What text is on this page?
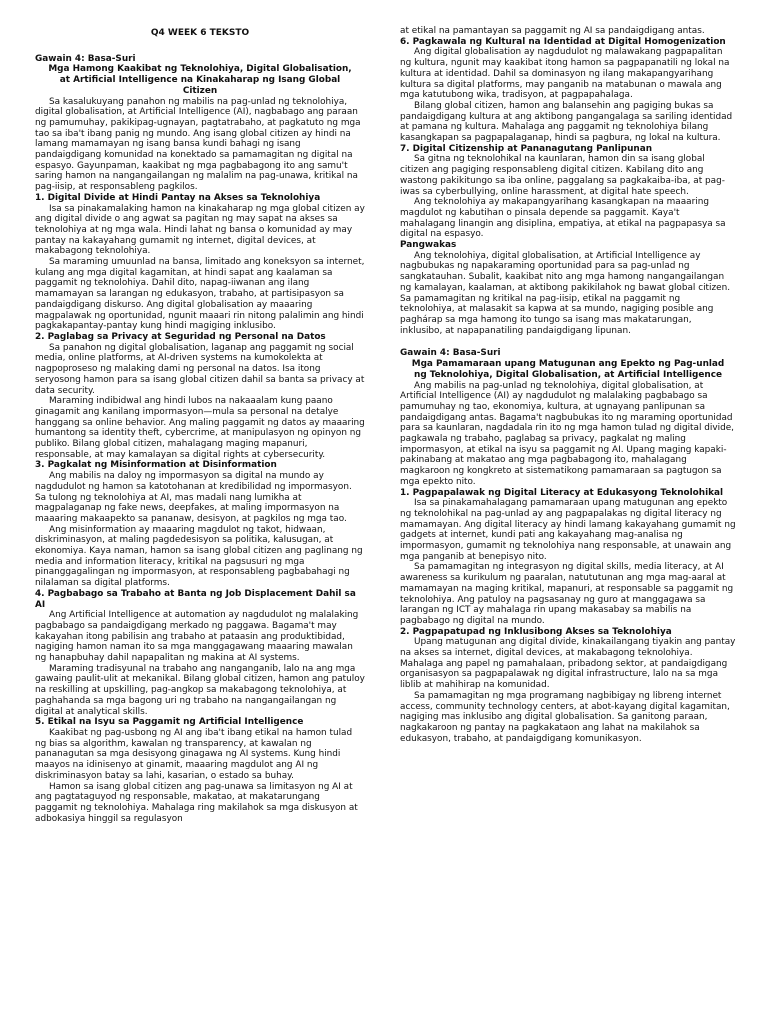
Q4 WEEK 6 TEKSTO
Gawain 4: Basa-Suri
Mga Hamong Kaakibat ng Teknolohiya, Digital Globalisation, at Artificial Intelligence na Kinakaharap ng Isang Global Citizen

Sa kasalukuyang panahon ng mabilis na pag-unlad ng teknolohiya, digital globalisation, at Artificial Intelligence (AI), nagbabago ang paraan ng pamumuhay, pakikipag-ugnayan, pagtatrabaho, at pagkatuto ng mga tao sa iba't ibang panig ng mundo. Ang isang global citizen ay hindi na lamang mamamayan ng isang bansa kundi bahagi ng isang pandaigdigang komunidad na konektado sa pamamagitan ng digital na espasyo. Gayunpaman, kaakibat ng mga pagbabagong ito ang samu't saring hamon na nangangailangan ng malalim na pag-unawa, kritikal na pag-iisip, at responsableng pagkilos.

1. Digital Divide at Hindi Pantay na Akses sa Teknolohiya

Isa sa pinakamalaking hamon na kinakaharap ng mga global citizen ay ang digital divide o ang agwat sa pagitan ng may sapat na akses sa teknolohiya at ng mga wala. Hindi lahat ng bansa o komunidad ay may pantay na kakayahang gumamit ng internet, digital devices, at makabagong teknolohiya.

Sa maraming umuunlad na bansa, limitado ang koneksyon sa internet, kulang ang mga digital kagamitan, at hindi sapat ang kaalaman sa paggamit ng teknolohiya. Dahil dito, napag-iiwanan ang ilang mamamayan sa larangan ng edukasyon, trabaho, at partisipasyon sa pandaigdigang diskurso. Ang digital globalisation ay maaaring magpalawak ng oportunidad, ngunit maaari rin nitong palalimin ang hindi pagkakapantay-pantay kung hindi magiging inklusibo.

2. Paglabag sa Privacy at Seguridad ng Personal na Datos

Sa panahon ng digital globalisation, laganap ang paggamit ng social media, online platforms, at AI-driven systems na kumokolekta at nagpoproseso ng malaking dami ng personal na datos. Isa itong seryosong hamon para sa isang global citizen dahil sa banta sa privacy at data security.

Maraming indibidwal ang hindi lubos na nakaaalam kung paano ginagamit ang kanilang impormasyon—mula sa personal na detalye hanggang sa online behavior. Ang maling paggamit ng datos ay maaaring humantong sa identity theft, cybercrime, at manipulasyon ng opinyon ng publiko. Bilang global citizen, mahalagang maging mapanuri, responsable, at may kamalayan sa digital rights at cybersecurity.

3. Pagkalat ng Misinformation at Disinformation

Ang mabilis na daloy ng impormasyon sa digital na mundo ay nagdudulot ng hamon sa katotohanan at kredibilidad ng impormasyon. Sa tulong ng teknolohiya at AI, mas madali nang lumikha at magpalaganap ng fake news, deepfakes, at maling impormasyon na maaaring makaapekto sa pananaw, desisyon, at pagkilos ng mga tao.

Ang misinformation ay maaaring magdulot ng takot, hidwaan, diskriminasyon, at maling pagdedesisyon sa politika, kalusugan, at ekonomiya. Kaya naman, hamon sa isang global citizen ang paglinang ng media and information literacy, kritikal na pagsusuri ng mga pinanggagalingan ng impormasyon, at responsableng pagbabahagi ng nilalaman sa digital platforms.

4. Pagbabago sa Trabaho at Banta ng Job Displacement Dahil sa AI

Ang Artificial Intelligence at automation ay nagdudulot ng malalaking pagbabago sa pandaigdigang merkado ng paggawa. Bagama't may kakayahan itong pabilisin ang trabaho at pataasin ang produktibidad, nagiging hamon naman ito sa mga manggagawang maaaring mawalan ng hanapbuhay dahil napapalitan ng makina at AI systems.

Maraming tradisyunal na trabaho ang nanganganib, lalo na ang mga gawaing paulit-ulit at mekanikal. Bilang global citizen, hamon ang patuloy na reskilling at upskilling, pag-angkop sa makabagong teknolohiya, at paghahanda sa mga bagong uri ng trabaho na nangangailangan ng digital at analytical skills.

5. Etikal na Isyu sa Paggamit ng Artificial Intelligence

Kaakibat ng pag-usbong ng AI ang iba't ibang etikal na hamon tulad ng bias sa algorithm, kawalan ng transparency, at kawalan ng pananagutan sa mga desisyong ginagawa ng AI systems. Kung hindi maayos na idinisenyo at ginamit, maaaring magdulot ang AI ng diskriminasyon batay sa lahi, kasarian, o estado sa buhay.

Hamon sa isang global citizen ang pag-unawa sa limitasyon ng AI at ang pagtataguyod ng responsable, makatao, at makatarungang paggamit ng teknolohiya. Mahalaga ring makilahok sa mga diskusyon at adbokasiya hinggil sa regulasyon

at etikal na pamantayan sa paggamit ng AI sa pandaigdigang antas.

6. Pagkawala ng Kultural na Identidad at Digital Homogenization

Ang digital globalisation ay nagdudulot ng malawakang pagpapalitan ng kultura, ngunit may kaakibat itong hamon sa pagpapanatili ng lokal na kultura at identidad. Dahil sa dominasyon ng ilang makapangyarihang kultura sa digital platforms, may panganib na matabunan o mawala ang mga katutubong wika, tradisyon, at pagpapahalaga.

Bilang global citizen, hamon ang balansehin ang pagiging bukas sa pandaigdigang kultura at ang aktibong pangangalaga sa sariling identidad at pamana ng kultura. Mahalaga ang paggamit ng teknolohiya bilang kasangkapan sa pagpapalaganap, hindi sa pagbura, ng lokal na kultura.

7. Digital Citizenship at Pananagutang Panlipunan

Sa gitna ng teknolohikal na kaunlaran, hamon din sa isang global citizen ang pagiging responsableng digital citizen. Kabilang dito ang wastong pakikitungo sa iba online, paggalang sa pagkakaiba-iba, at pag-iwas sa cyberbullying, online harassment, at digital hate speech.

Ang teknolohiya ay makapangyarihang kasangkapan na maaaring magdulot ng kabutihan o pinsala depende sa paggamit. Kaya't mahalagang linangin ang disiplina, empatiya, at etikal na pagpapasya sa digital na espasyo.

Pangwakas

Ang teknolohiya, digital globalisation, at Artificial Intelligence ay nagbubukas ng napakaraming oportunidad para sa pag-unlad ng sangkatauhan. Subalit, kaakibat nito ang mga hamong nangangailangan ng kamalayan, kaalaman, at aktibong pakikilahok ng bawat global citizen. Sa pamamagitan ng kritikal na pag-iisip, etikal na paggamit ng teknolohiya, at malasakit sa kapwa at sa mundo, nagiging posible ang paghárap sa mga hamong ito tungo sa isang mas makatarungan, inklusibo, at napapanatiling pandaigdigang lipunan.

Gawain 4: Basa-Suri
Mga Pamamaraan upang Matugunan ang Epekto ng Pag-unlad ng Teknolohiya, Digital Globalisation, at Artificial Intelligence

Ang mabilis na pag-unlad ng teknolohiya, digital globalisation, at Artificial Intelligence (AI) ay nagdudulot ng malalaking pagbabago sa pamumuhay ng tao, ekonomiya, kultura, at ugnayang panlipunan sa pandaigdigang antas. Bagama't nagbubukas ito ng maraming oportunidad para sa kaunlaran, nagdadala rin ito ng mga hamon tulad ng digital divide, pagkawala ng trabaho, paglabag sa privacy, pagkalat ng maling impormasyon, at etikal na isyu sa paggamit ng AI. Upang maging kapaki-pakinabang at makatao ang mga pagbabagong ito, mahalagang magkaroon ng kongkreto at sistematikong pamamaraan sa pagtugon sa mga epekto nito.

1. Pagpapalawak ng Digital Literacy at Edukasyong Teknolohikal

Isa sa pinakamahalagang pamamaraan upang matugunan ang epekto ng teknolohikal na pag-unlad ay ang pagpapalakas ng digital literacy ng mamamayan. Ang digital literacy ay hindi lamang kakayahang gumamit ng gadgets at internet, kundi pati ang kakayahang mag-analisa ng impormasyon, gumamit ng teknolohiya nang responsable, at unawain ang mga panganib at benepisyo nito.

Sa pamamagitan ng integrasyon ng digital skills, media literacy, at AI awareness sa kurikulum ng paaralan, natututunan ang mga mag-aaral at mamamayan na maging kritikal, mapanuri, at responsable sa paggamit ng teknolohiya. Ang patuloy na pagsasanay ng guro at manggagawa sa larangan ng ICT ay mahalaga rin upang makasabay sa mabilis na pagbabago ng digital na mundo.

2. Pagpapatupad ng Inklusibong Akses sa Teknolohiya

Upang matugunan ang digital divide, kinakailangang tiyakin ang pantay na akses sa internet, digital devices, at makabagong teknolohiya. Mahalaga ang papel ng pamahalaan, pribadong sektor, at pandaigdigang organisasyon sa pagpapalawak ng digital infrastructure, lalo na sa mga liblib at mahihirap na komunidad.

Sa pamamagitan ng mga programang nagbibigay ng libreng internet access, community technology centers, at abot-kayang digital kagamitan, nagiging mas inklusibo ang digital globalisation. Sa ganitong paraan, nagkakaroon ng pantay na pagkakataon ang lahat na makilahok sa edukasyon, trabaho, at pandaigdigang komunikasyon.
